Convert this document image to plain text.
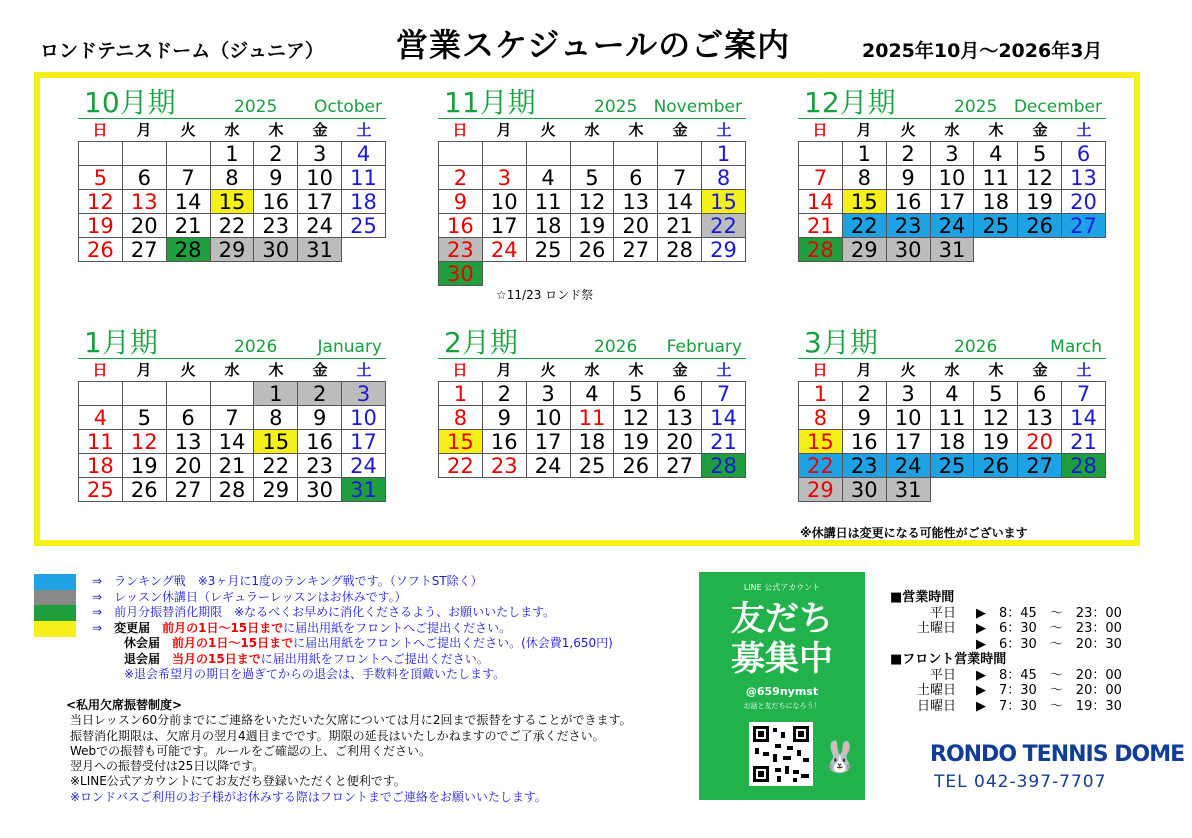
ロンドテニスドーム（ジュニア） 営業スケジュールのご案内	2025年10月～2026年3月
10月期	2025 October
日	月	火	水	木	金	土
			1	2	3	4
5	6	7	8	9	10	11
12	13	14	15	16	17	18
19	20	21	22	23	24	25
26	27	28	29	30	31	
11月期	2025 November
日	月	火	水	木	金	土
						1
2	3	4	5	6	7	8
9	10	11	12	13	14	15
16	17	18	19	20	21	22
23	24	25	26	27	28	29
30						
☆11/23 ロンド祭
12月期	2025 December
日	月	火	水	木	金	土
	1	2	3	4	5	6
7	8	9	10	11	12	13
14	15	16	17	18	19	20
21	22	23	24	25	26	27
28	29	30	31			
1月期	2026 January
日	月	火	水	木	金	土
				1	2	3
4	5	6	7	8	9	10
11	12	13	14	15	16	17
18	19	20	21	22	23	24
25	26	27	28	29	30	31
2月期	2026 February
日	月	火	水	木	金	土
1	2	3	4	5	6	7
8	9	10	11	12	13	14
15	16	17	18	19	20	21
22	23	24	25	26	27	28
3月期	2026	March
日	月	火	水	木	金	土
1	2	3	4	5	6	7
8	9	10	11	12	13	14
15	16	17	18	19	20	21
22	23	24	25	26	27	28
29	30	31				
※休講日は変更になる可能性がございます
⇒　 ランキング戦　※3ヶ月に1度のランキング戦です。（ソフトST除く）
⇒　 レッスン休講日（レギュラーレッスンはお休みです。）
⇒　 前月分振替消化期限　※なるべくお早めに消化くださるよう、お願いいたします。
⇒　 変更届　 前月の1日～15日までに届出用紙をフロントへご提出ください。
休会届　 前月の1日～15日までに届出用紙をフロントへご提出ください。(休会費1,650円)
退会届　 当月の15日までに届出用紙をフロントへご提出ください。
※退会希望月の期日を過ぎてからの退会は、手数料を頂戴いたします。
<私用欠席振替制度>
当日レッスン60分前までにご連絡をいただいた欠席については月に2回まで振替をすることができます。
振替消化期限は、欠席月の翌月4週目までです。期限の延長はいたしかねますのでご了承ください。
Webでの振替も可能です。ルールをご確認の上、ご利用ください。
翌月への振替受付は25日以降です。
※LINE公式アカウントにてお友だち登録いただくと便利です。
※ロンドバスご利用のお子様がお休みする際はフロントまでご連絡をお願いいたします。
LINE 公式アカウント
友だち
募集中
@659nymst
お話と友だちになろう！
🐰
■営業時間
平日 ▶　8：45　～　23：00
土曜日 ▶　6：30　～　23：00
▶　6：30　～　20：30
■フロント営業時間
平日 ▶　8：45　～　20：00
土曜日 ▶　7：30　～　20：00
日曜日 ▶　7：30　～　19：30
RONDO TENNIS DOME
TEL 042-397-7707
